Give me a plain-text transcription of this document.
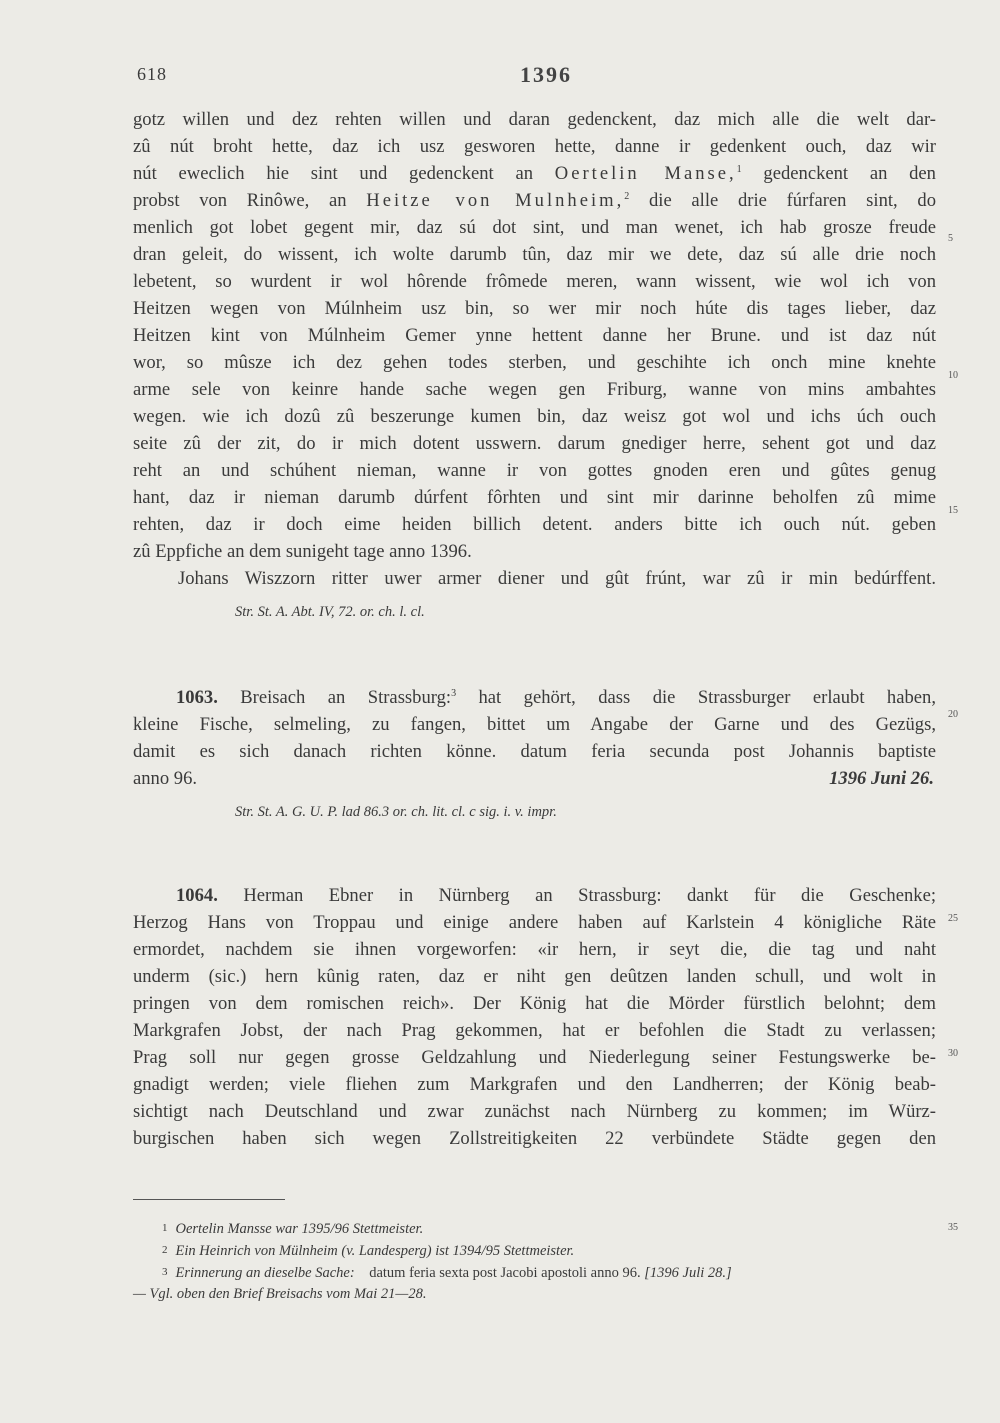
618	1396
gotz willen und dez rehten willen und daran gedenckent, daz mich alle die welt dar-
zû nút broht hette, daz ich usz gesworen hette, danne ir gedenkent ouch, daz wir
nút eweclich hie sint und gedenckent an Oertelin Manse,$^1$ gedenckent an den
probst von Rinôwe, an Heitze von Mulnheim,$^2$ die alle drie fúrfaren sint, do
menlich got lobet gegent mir, daz sú dot sint, und man wenet, ich hab grosze freude
dran geleit, do wissent, ich wolte darumb tûn, daz mir we dete, daz sú alle drie noch
lebetent, so wurdent ir wol hôrende frômede meren, wann wissent, wie wol ich von
Heitzen wegen von Múlnheim usz bin, so wer mir noch húte dis tages lieber, daz
Heitzen kint von Múlnheim Gemer ynne hettent danne her Brune. und ist daz nút
wor, so mûsze ich dez gehen todes sterben, und geschihte ich onch mine knehte
arme sele von keinre hande sache wegen gen Friburg, wanne von mins ambahtes
wegen. wie ich dozû zû beszerunge kumen bin, daz weisz got wol und ichs úch ouch
seite zû der zit, do ir mich dotent usswern. darum gnediger herre, sehent got und daz
reht an und schúhent nieman, wanne ir von gottes gnoden eren und gûtes genug
hant, daz ir nieman darumb dúrfent fôrhten und sint mir darinne beholfen zû mime
rehten, daz ir doch eime heiden billich detent. anders bitte ich ouch nút. geben
zû Eppfiche an dem sunigeht tage anno 1396.
Johans Wiszzorn ritter uwer armer diener und gût frúnt, war zû ir min bedúrffent.
Str. St. A. Abt. IV, 72. or. ch. l. cl.
1063. Breisach an Strassburg:$^3$ hat gehört, dass die Strassburger erlaubt haben,
kleine Fische, selmeling, zu fangen, bittet um Angabe der Garne und des Gezügs,
damit es sich danach richten könne. datum feria secunda post Johannis baptiste
anno 96.	1396 Juni 26.
Str. St. A. G. U. P. lad 86.3 or. ch. lit. cl. c sig. i. v. impr.
1064. Herman Ebner in Nürnberg an Strassburg: dankt für die Geschenke;
Herzog Hans von Troppau und einige andere haben auf Karlstein 4 königliche Räte
ermordet, nachdem sie ihnen vorgeworfen: «ir hern, ir seyt die, die tag und naht
underm (sic.) hern kûnig raten, daz er niht gen deûtzen landen schull, und wolt in
pringen von dem romischen reich». Der König hat die Mörder fürstlich belohnt; dem
Markgrafen Jobst, der nach Prag gekommen, hat er befohlen die Stadt zu verlassen;
Prag soll nur gegen grosse Geldzahlung und Niederlegung seiner Festungswerke be-
gnadigt werden; viele fliehen zum Markgrafen und den Landherren; der König beab-
sichtigt nach Deutschland und zwar zunächst nach Nürnberg zu kommen; im Würz-
burgischen haben sich wegen Zollstreitigkeiten 22 verbündete Städte gegen den
5
10
15
20
25
30
35
1 Oertelin Mansse war 1395/96 Stettmeister.
2 Ein Heinrich von Mülnheim (v. Landesperg) ist 1394/95 Stettmeister.
3 Erinnerung an dieselbe Sache: datum feria sexta post Jacobi apostoli anno 96. [1396 Juli 28.]
— Vgl. oben den Brief Breisachs vom Mai 21—28.
